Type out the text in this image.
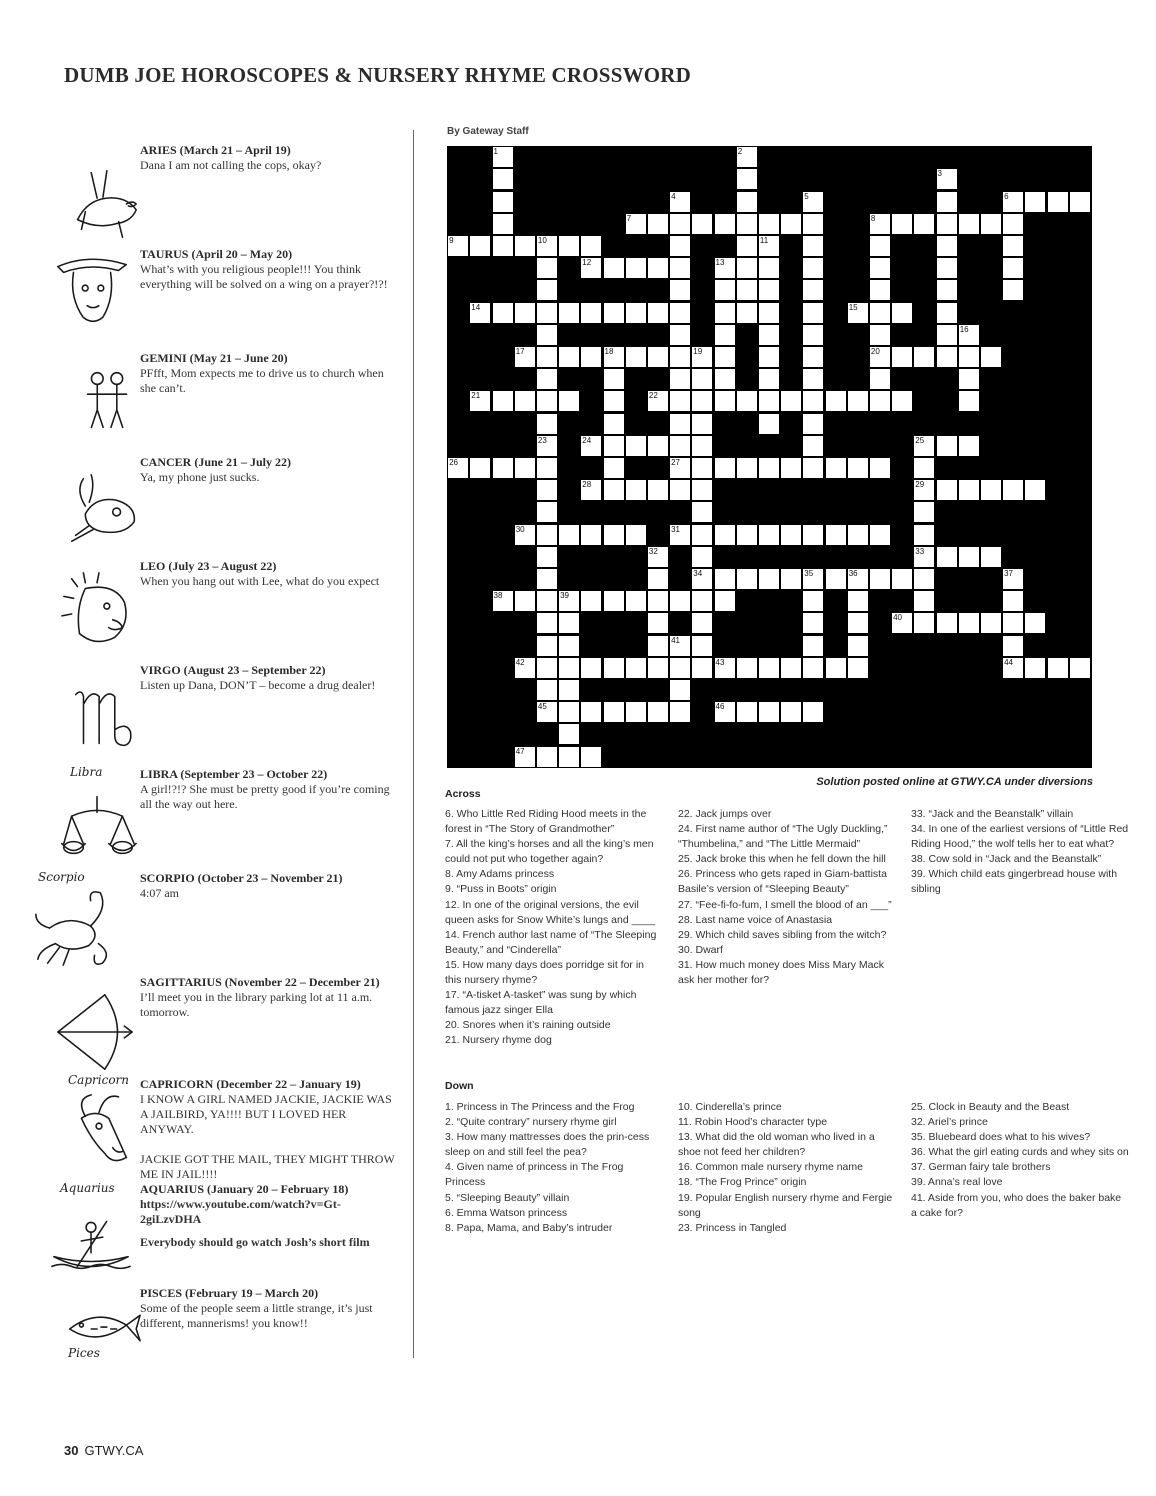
DUMB JOE HOROSCOPES & NURSERY RHYME CROSSWORD
ARIES (March 21 – April 19)

Dana I am not calling the cops, okay?

TAURUS (April 20 – May 20)

What’s with you religious people!!! You think everything will be solved on a wing on a prayer?!?!

GEMINI (May 21 – June 20)

PFfft, Mom expects me to drive us to church when she can’t.

CANCER (June 21 – July 22)

Ya, my phone just sucks.

LEO (July 23 – August 22)

When you hang out with Lee, what do you expect

VIRGO (August 23 – September 22)

Listen up Dana, DON’T – become a drug dealer!

LIBRA (September 23 – October 22)

A girl!?!? She must be pretty good if you’re coming all the way out here.

SCORPIO (October 23 – November 21)

4:07 am

SAGITTARIUS (November 22 – December 21)

I’ll meet you in the library parking lot at 11 a.m. tomorrow.

CAPRICORN (December 22 – January 19)

I KNOW A GIRL NAMED JACKIE, JACKIE WAS A JAILBIRD, YA!!!! BUT I LOVED HER ANYWAY.

JACKIE GOT THE MAIL, THEY MIGHT THROW ME IN JAIL!!!!

AQUARIUS (January 20 – February 18)

https://www.youtube.com/watch?v=Gt-2giLzvDHA

Everybody should go watch Josh’s short film
PISCES (February 19 – March 20)

Some of the people seem a little strange, it’s just different, mannerisms! you know!!

By Gateway Staff
1	2
3
4	5	6
7	8
9	10	11
12	13
14	15
16
17	18	19	20
21	22
23	24	25
26	27
28	29
30	31
32	33
34	35	36	37
38	39
40
41
42	43	44
45	46
47
Solution posted online at GTWY.CA under diversions
Across

6. Who Little Red Riding Hood meets in the forest in “The Story of Grandmother”

7. All the king’s horses and all the king’s men could not put who together again?

8. Amy Adams princess

9. “Puss in Boots” origin

12. In one of the original versions, the evil queen asks for Snow White’s lungs and ____

14. French author last name of “The Sleeping Beauty,” and “Cinderella”

15. How many days does porridge sit for in this nursery rhyme?

17. “A-tisket A-tasket” was sung by which famous jazz singer Ella

20. Snores when it’s raining outside

21. Nursery rhyme dog

22. Jack jumps over

24. First name author of “The Ugly Duckling,” “Thumbelina,” and “The Little Mermaid”

25. Jack broke this when he fell down the hill

26. Princess who gets raped in Giam-battista Basile’s version of “Sleeping Beauty”

27. “Fee-fi-fo-fum, I smell the blood of an ___”

28. Last name voice of Anastasia

29. Which child saves sibling from the witch?

30. Dwarf

31. How much money does Miss Mary Mack ask her mother for?

33. “Jack and the Beanstalk” villain

34. In one of the earliest versions of “Little Red Riding Hood,” the wolf tells her to eat what?

38. Cow sold in “Jack and the Beanstalk”

39. Which child eats gingerbread house with sibling

Down

1. Princess in The Princess and the Frog

2. “Quite contrary” nursery rhyme girl

3. How many mattresses does the prin-cess sleep on and still feel the pea?

4. Given name of princess in The Frog Princess

5. “Sleeping Beauty” villain

6. Emma Watson princess

8. Papa, Mama, and Baby’s intruder

10. Cinderella’s prince

11. Robin Hood’s character type

13. What did the old woman who lived in a shoe not feed her children?

16. Common male nursery rhyme name

18. “The Frog Prince” origin

19. Popular English nursery rhyme and Fergie song

23. Princess in Tangled

25. Clock in Beauty and the Beast

32. Ariel’s prince

35. Bluebeard does what to his wives?

36. What the girl eating curds and whey sits on

37. German fairy tale brothers

39. Anna’s real love

41. Aside from you, who does the baker bake a cake for?

30 GTWY.CA
Libra
Scorpio
Capricorn
Aquarius
Pices
